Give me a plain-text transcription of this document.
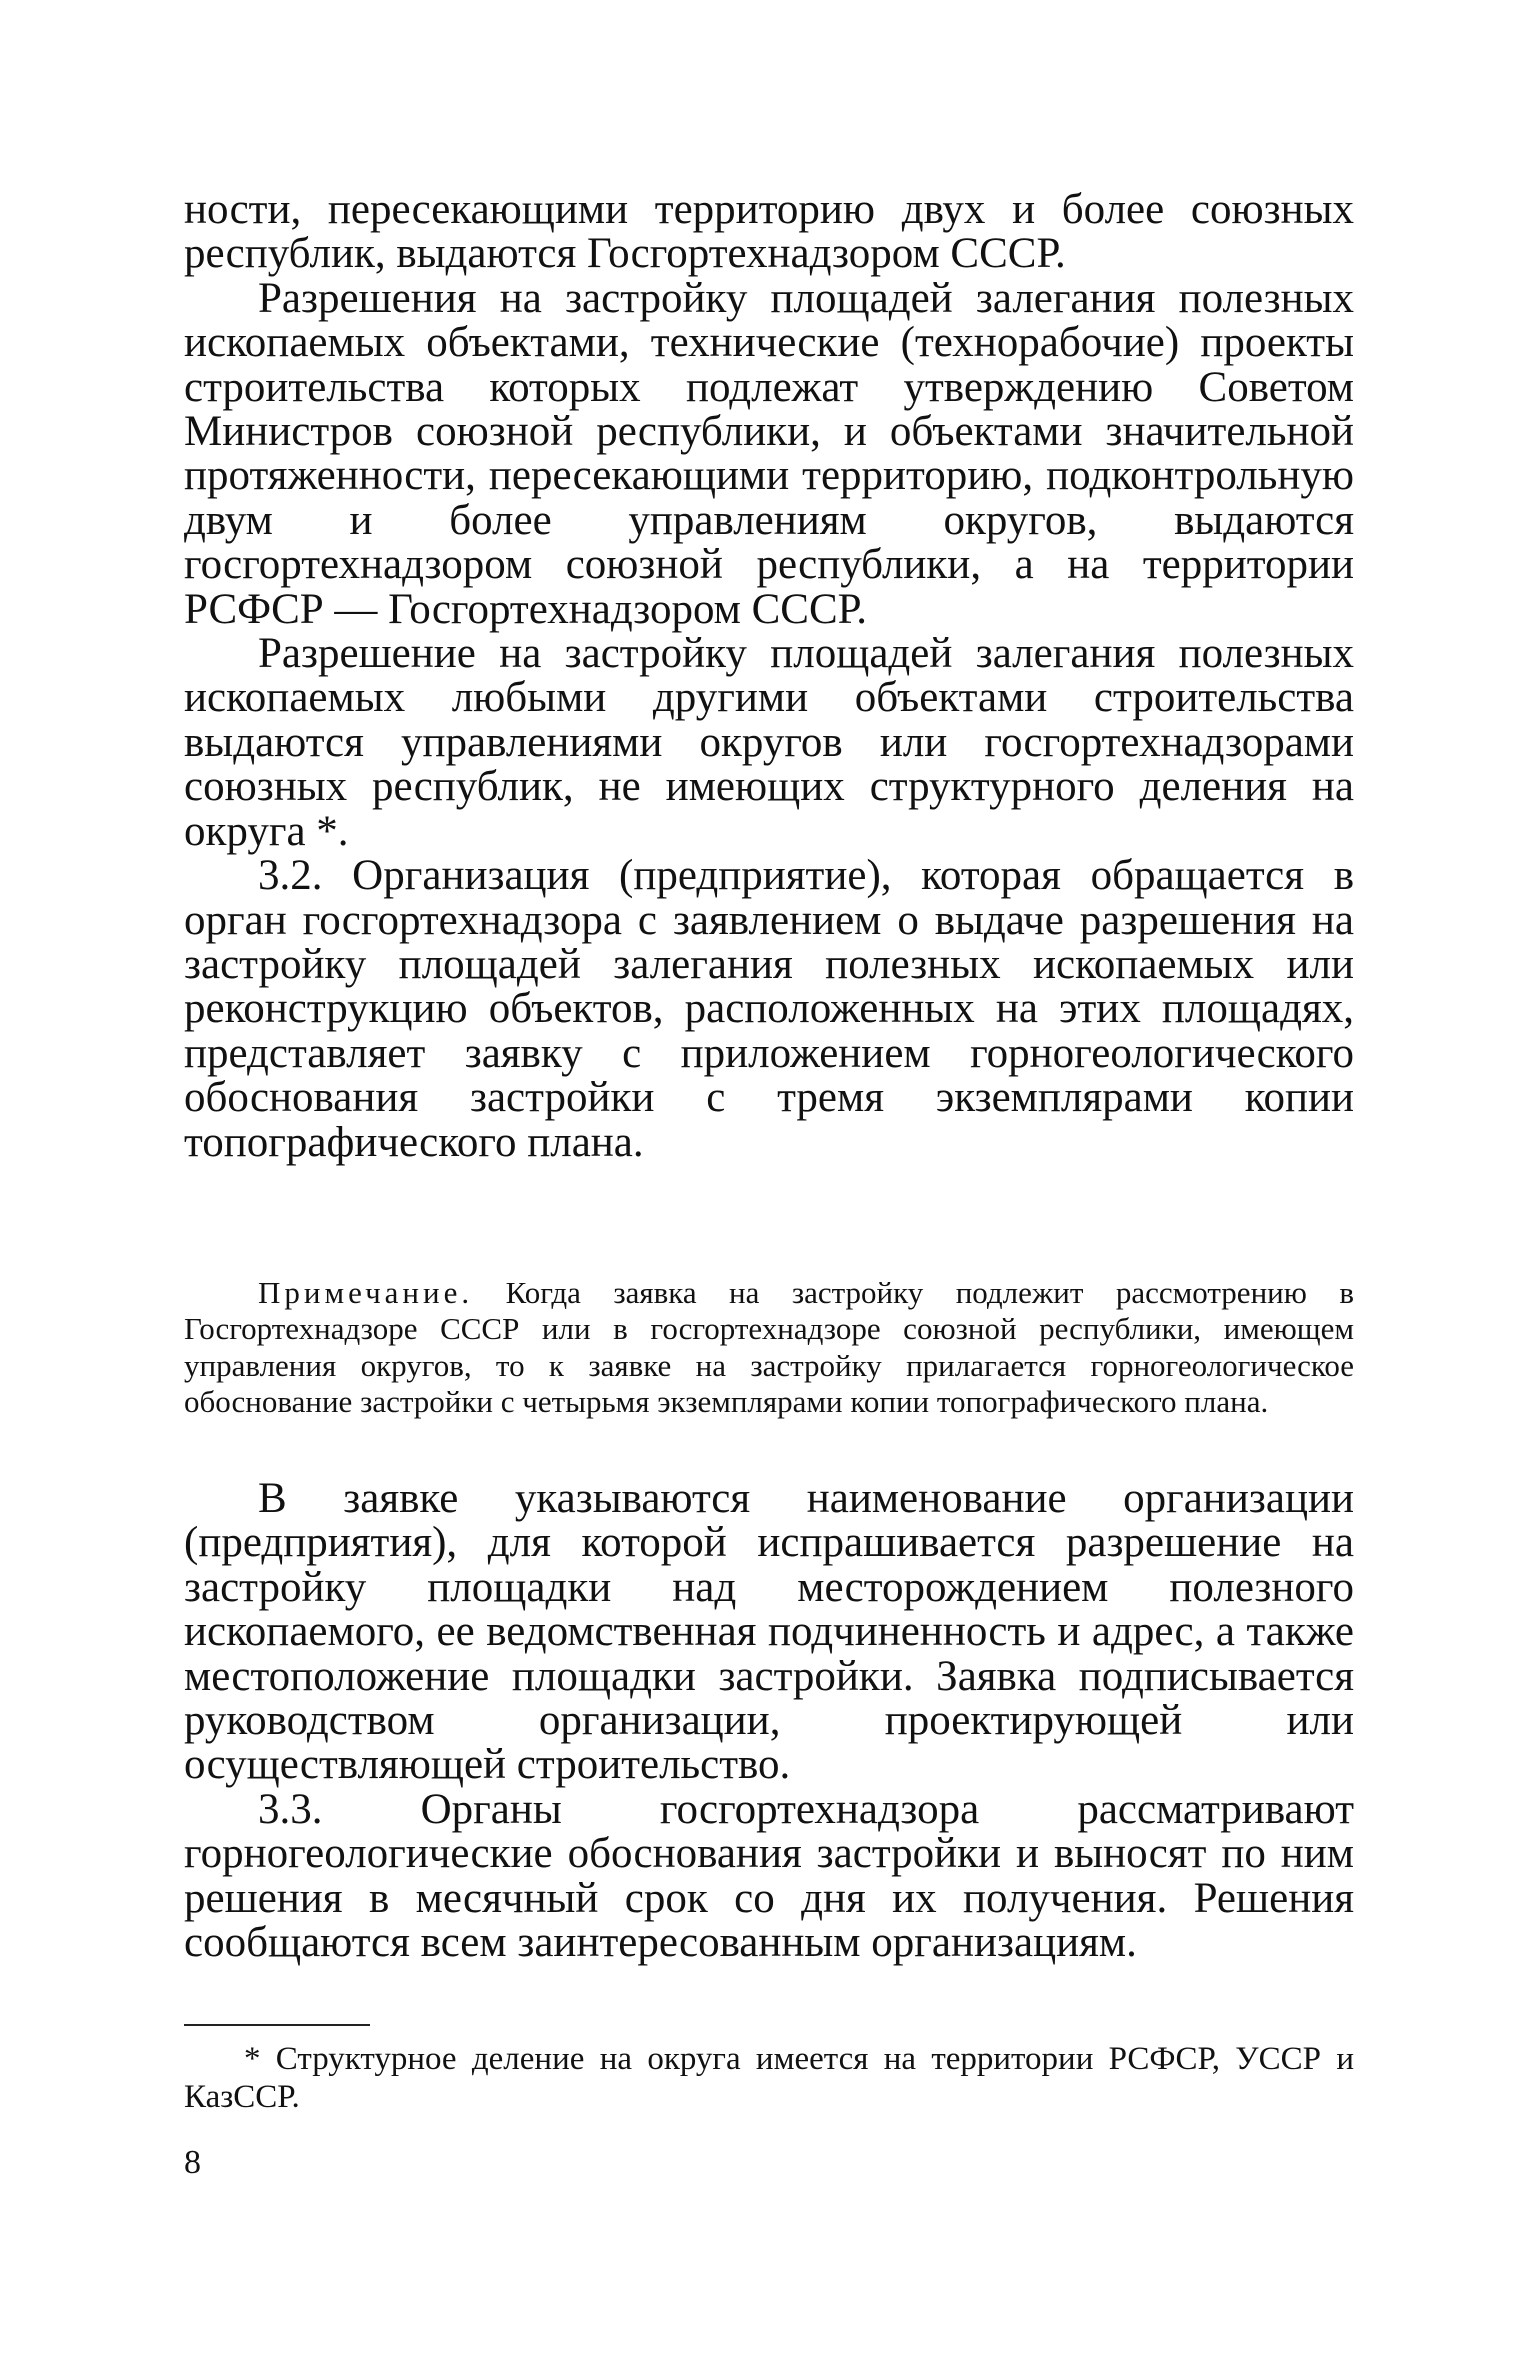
ности, пересекающими территорию двух и более союзных республик, выдаются Госгортехнадзором СССР.

Разрешения на застройку площадей залегания полезных ископаемых объектами, технические (технорабочие) проекты строительства которых подлежат утверждению Советом Министров союзной республики, и объектами значительной протяженности, пересекающими территорию, подконтрольную двум и более управлениям округов, выдаются госгортехнадзором союзной республики, а на территории РСФСР — Госгортехнадзором СССР.

Разрешение на застройку площадей залегания полезных ископаемых любыми другими объектами строительства выдаются управлениями округов или госгортехнадзорами союзных республик, не имеющих структурного деления на округа *.

3.2. Организация (предприятие), которая обращается в орган госгортехнадзора с заявлением о выдаче разрешения на застройку площадей залегания полезных ископаемых или реконструкцию объектов, расположенных на этих площадях, представляет заявку с приложением горногеологического обоснования застройки с тремя экземплярами копии топографического плана.

Примечание. Когда заявка на застройку подлежит рассмотрению в Госгортехнадзоре СССР или в госгортехнадзоре союзной республики, имеющем управления округов, то к заявке на застройку прилагается горногеологическое обоснование застройки с четырьмя экземплярами копии топографического плана.

В заявке указываются наименование организации (предприятия), для которой испрашивается разрешение на застройку площадки над месторождением полезного ископаемого, ее ведомственная подчиненность и адрес, а также местоположение площадки застройки. Заявка подписывается руководством организации, проектирующей или осуществляющей строительство.

3.3. Органы госгортехнадзора рассматривают горногеологические обоснования застройки и выносят по ним решения в месячный срок со дня их получения. Решения сообщаются всем заинтересованным организациям.

* Структурное деление на округа имеется на территории РСФСР, УССР и КазССР.
8
